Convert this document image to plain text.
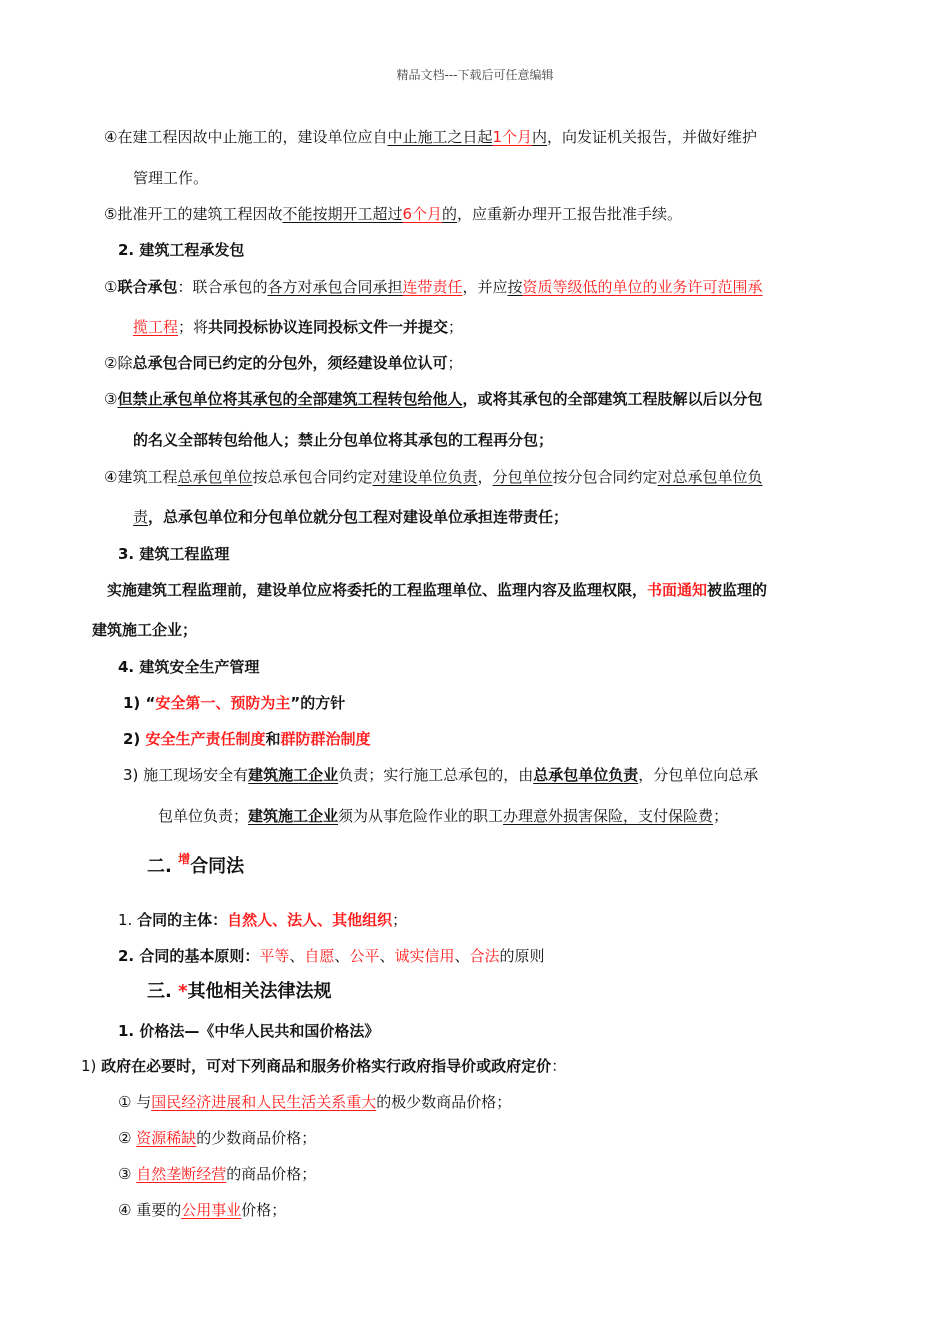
精品文档---下载后可任意编辑
④在建工程因故中止施工的，建设单位应自中止施工之日起1个月内，向发证机关报告，并做好维护
管理工作。
⑤批准开工的建筑工程因故不能按期开工超过6个月的，应重新办理开工报告批准手续。
2. 建筑工程承发包
①联合承包：联合承包的各方对承包合同承担连带责任，并应按资质等级低的单位的业务许可范围承
揽工程；将共同投标协议连同投标文件一并提交；
②除总承包合同已约定的分包外，须经建设单位认可；
③但禁止承包单位将其承包的全部建筑工程转包给他人，或将其承包的全部建筑工程肢解以后以分包
的名义全部转包给他人；禁止分包单位将其承包的工程再分包；
④建筑工程总承包单位按总承包合同约定对建设单位负责，分包单位按分包合同约定对总承包单位负
责，总承包单位和分包单位就分包工程对建设单位承担连带责任；
3. 建筑工程监理
实施建筑工程监理前，建设单位应将委托的工程监理单位、监理内容及监理权限，书面通知被监理的
建筑施工企业；
4. 建筑安全生产管理
1) “安全第一、预防为主”的方针
2) 安全生产责任制度和群防群治制度
3) 施工现场安全有建筑施工企业负责；实行施工总承包的，由总承包单位负责，分包单位向总承
包单位负责；建筑施工企业须为从事危险作业的职工办理意外损害保险，支付保险费；
二. $^增$合同法
1. 合同的主体：自然人、法人、其他组织；
2. 合同的基本原则：平等、自愿、公平、诚实信用、合法的原则
三. *其他相关法律法规
1. 价格法—《中华人民共和国价格法》
1) 政府在必要时，可对下列商品和服务价格实行政府指导价或政府定价：
① 与国民经济进展和人民生活关系重大的极少数商品价格；
② 资源稀缺的少数商品价格；
③ 自然垄断经营的商品价格；
④ 重要的公用事业价格；
